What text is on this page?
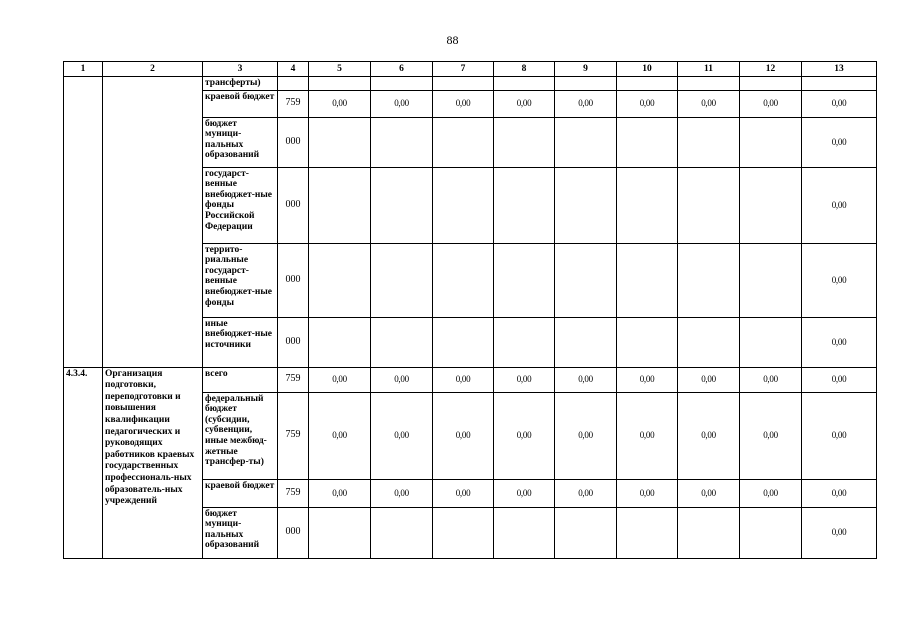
88
1	2	3	4	5	6	7	8	9	10	11	12	13
		трансферты)										
		краевой бюджет	759	0,00	0,00	0,00	0,00	0,00	0,00	0,00	0,00	0,00
		бюджет муници-пальных образований	000									0,00
		государст-венные внебюджет-ные фонды Российской Федерации	000									0,00
		террито-риальные государст-венные внебюджет-ные фонды	000									0,00
		иные внебюджет-ные источники	000									0,00
4.3.4.	Организация подготовки, переподготовки и повышения квалификации педагогических и руководящих работников краевых государственных профессиональ-ных образователь-ных учреждений	всего	759	0,00	0,00	0,00	0,00	0,00	0,00	0,00	0,00	0,00
		федеральный бюджет (субсидии, субвенции, иные межбюд-жетные трансфер-ты)	759	0,00	0,00	0,00	0,00	0,00	0,00	0,00	0,00	0,00
		краевой бюджет	759	0,00	0,00	0,00	0,00	0,00	0,00	0,00	0,00	0,00
		бюджет муници-пальных образований	000									0,00
